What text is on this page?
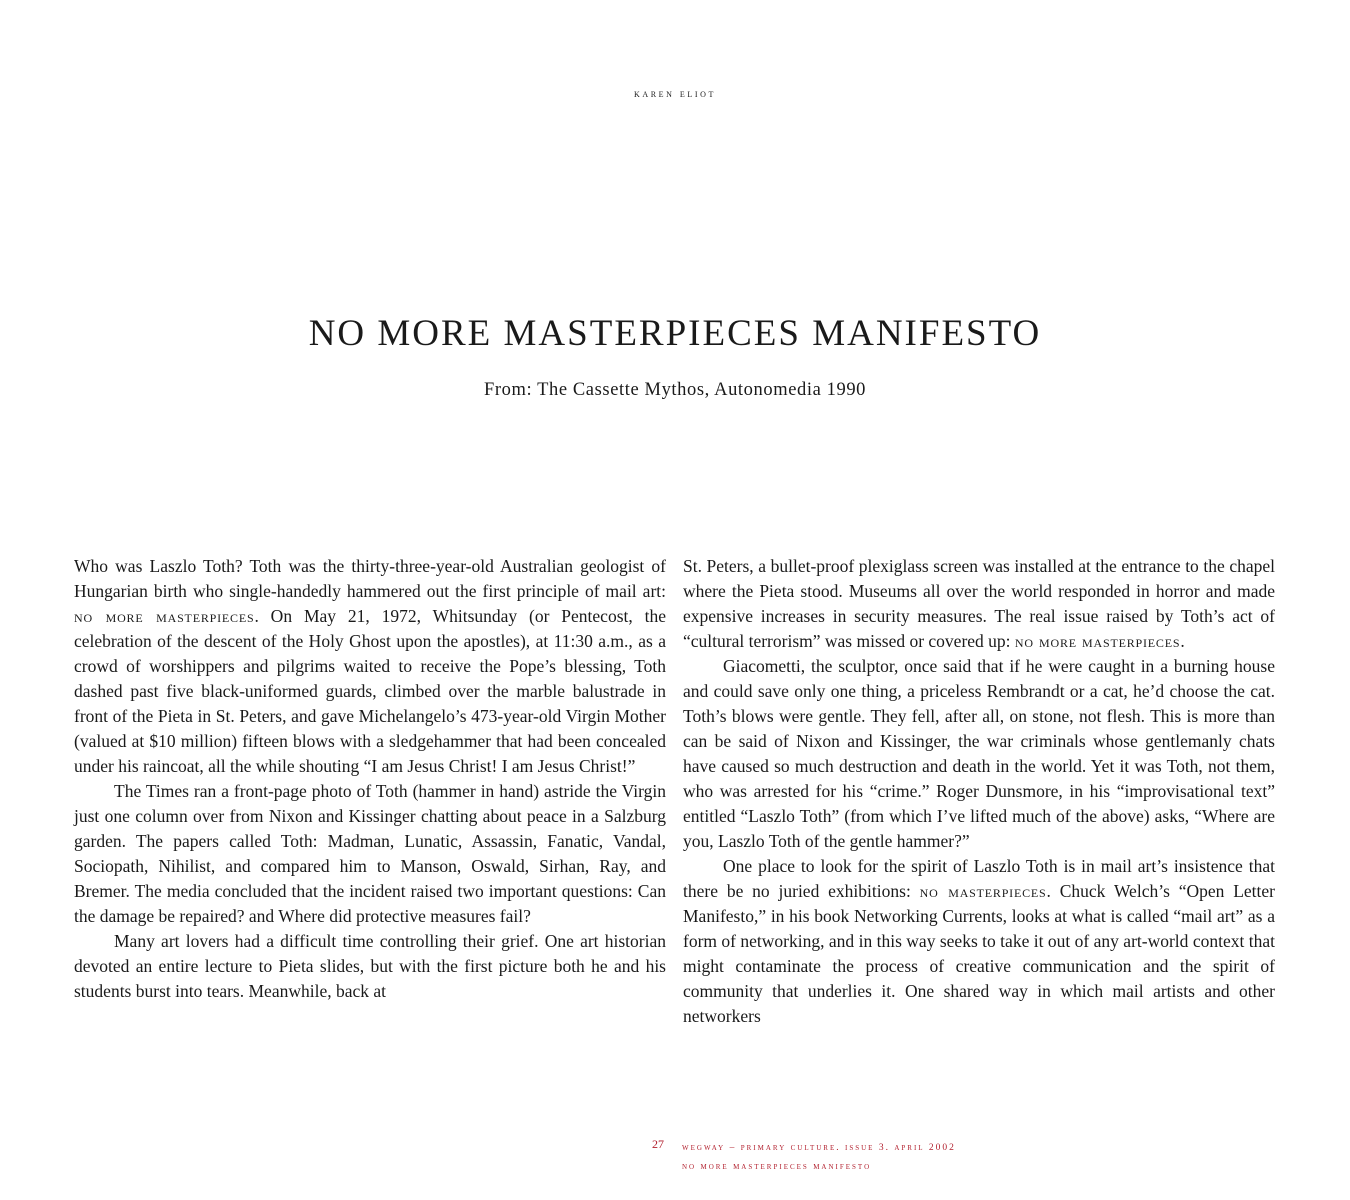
karen eliot
NO MORE MASTERPIECES MANIFESTO
From: The Cassette Mythos, Autonomedia 1990

Who was Laszlo Toth? Toth was the thirty-three-year-old Australian geologist of Hungarian birth who single-handedly hammered out the first principle of mail art: no more masterpieces. On May 21, 1972, Whitsunday (or Pentecost, the celebration of the descent of the Holy Ghost upon the apostles), at 11:30 a.m., as a crowd of worshippers and pilgrims waited to receive the Pope’s blessing, Toth dashed past five black-uniformed guards, climbed over the marble balustrade in front of the Pieta in St. Peters, and gave Michelangelo’s 473-year-old Virgin Mother (valued at $10 million) fifteen blows with a sledgehammer that had been concealed under his raincoat, all the while shouting “I am Jesus Christ! I am Jesus Christ!”

The Times ran a front-page photo of Toth (hammer in hand) astride the Virgin just one column over from Nixon and Kissinger chatting about peace in a Salzburg garden. The papers called Toth: Madman, Lunatic, Assassin, Fanatic, Vandal, Sociopath, Nihilist, and compared him to Manson, Oswald, Sirhan, Ray, and Bremer. The media concluded that the incident raised two important questions: Can the damage be repaired? and Where did protective measures fail?

Many art lovers had a difficult time controlling their grief. One art historian devoted an entire lecture to Pieta slides, but with the first picture both he and his students burst into tears. Meanwhile, back at

St. Peters, a bullet-proof plexiglass screen was installed at the entrance to the chapel where the Pieta stood. Museums all over the world responded in horror and made expensive increases in security measures. The real issue raised by Toth’s act of “cultural terrorism” was missed or covered up: no more masterpieces.

Giacometti, the sculptor, once said that if he were caught in a burning house and could save only one thing, a priceless Rembrandt or a cat, he’d choose the cat. Toth’s blows were gentle. They fell, after all, on stone, not flesh. This is more than can be said of Nixon and Kissinger, the war criminals whose gentlemanly chats have caused so much destruction and death in the world. Yet it was Toth, not them, who was arrested for his “crime.” Roger Dunsmore, in his “improvisational text” entitled “Laszlo Toth” (from which I’ve lifted much of the above) asks, “Where are you, Laszlo Toth of the gentle hammer?”

One place to look for the spirit of Laszlo Toth is in mail art’s insistence that there be no juried exhibitions: no masterpieces. Chuck Welch’s “Open Letter Manifesto,” in his book Networking Currents, looks at what is called “mail art” as a form of networking, and in this way seeks to take it out of any art-world context that might contaminate the process of creative communication and the spirit of community that underlies it. One shared way in which mail artists and other networkers

27 wegway – primary culture. issue 3. april 2002
no more masterpieces manifesto
